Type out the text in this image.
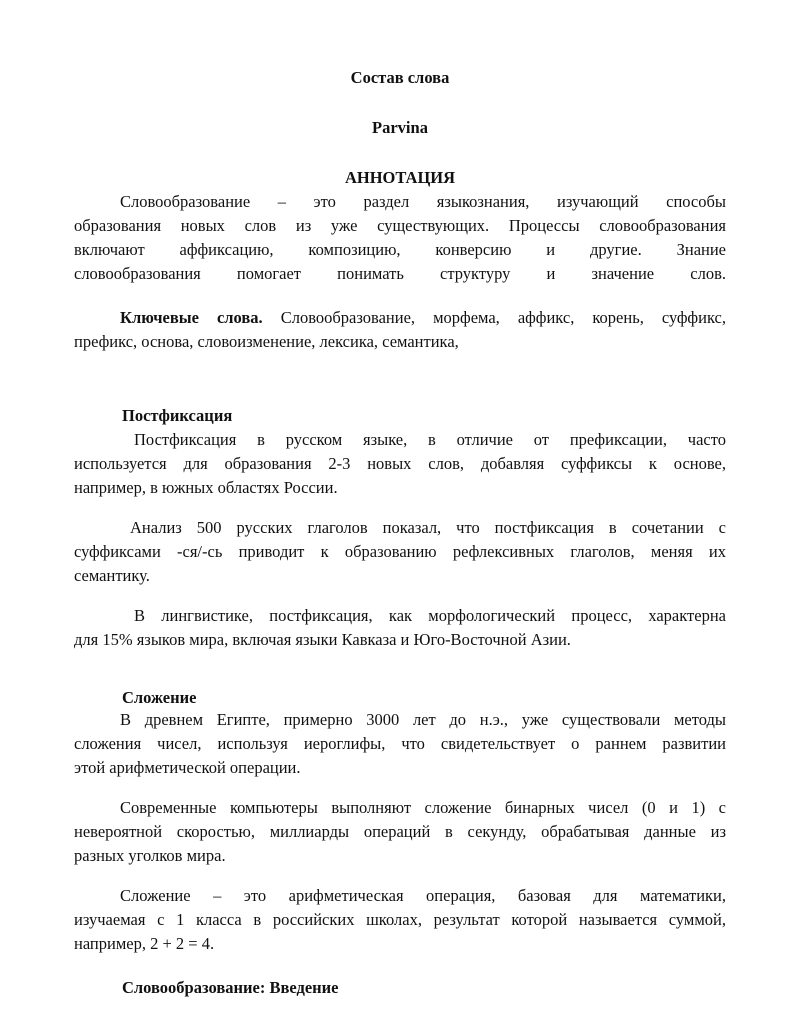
Состав слова
Parvina
АННОТАЦИЯ
Словообразование – это раздел языкознания, изучающий способы
образования новых слов из уже существующих. Процессы словообразования
включают аффиксацию, композицию, конверсию и другие. Знание
словообразования помогает понимать структуру и значение слов.
Ключевые слова. Словообразование, морфема, аффикс, корень, суффикс,
префикс, основа, словоизменение, лексика, семантика,
Постфиксация
Постфиксация в русском языке, в отличие от префиксации, часто
используется для образования 2-3 новых слов, добавляя суффиксы к основе,
например, в южных областях России.
Анализ 500 русских глаголов показал, что постфиксация в сочетании с
суффиксами -ся/-сь приводит к образованию рефлексивных глаголов, меняя их
семантику.
В лингвистике, постфиксация, как морфологический процесс, характерна
для 15% языков мира, включая языки Кавказа и Юго-Восточной Азии.
Сложение
В древнем Египте, примерно 3000 лет до н.э., уже существовали методы
сложения чисел, используя иероглифы, что свидетельствует о раннем развитии
этой арифметической операции.
Современные компьютеры выполняют сложение бинарных чисел (0 и 1) с
невероятной скоростью, миллиарды операций в секунду, обрабатывая данные из
разных уголков мира.
Сложение – это арифметическая операция, базовая для математики,
изучаемая с 1 класса в российских школах, результат которой называется суммой,
например, 2 + 2 = 4.
Словообразование: Введение
